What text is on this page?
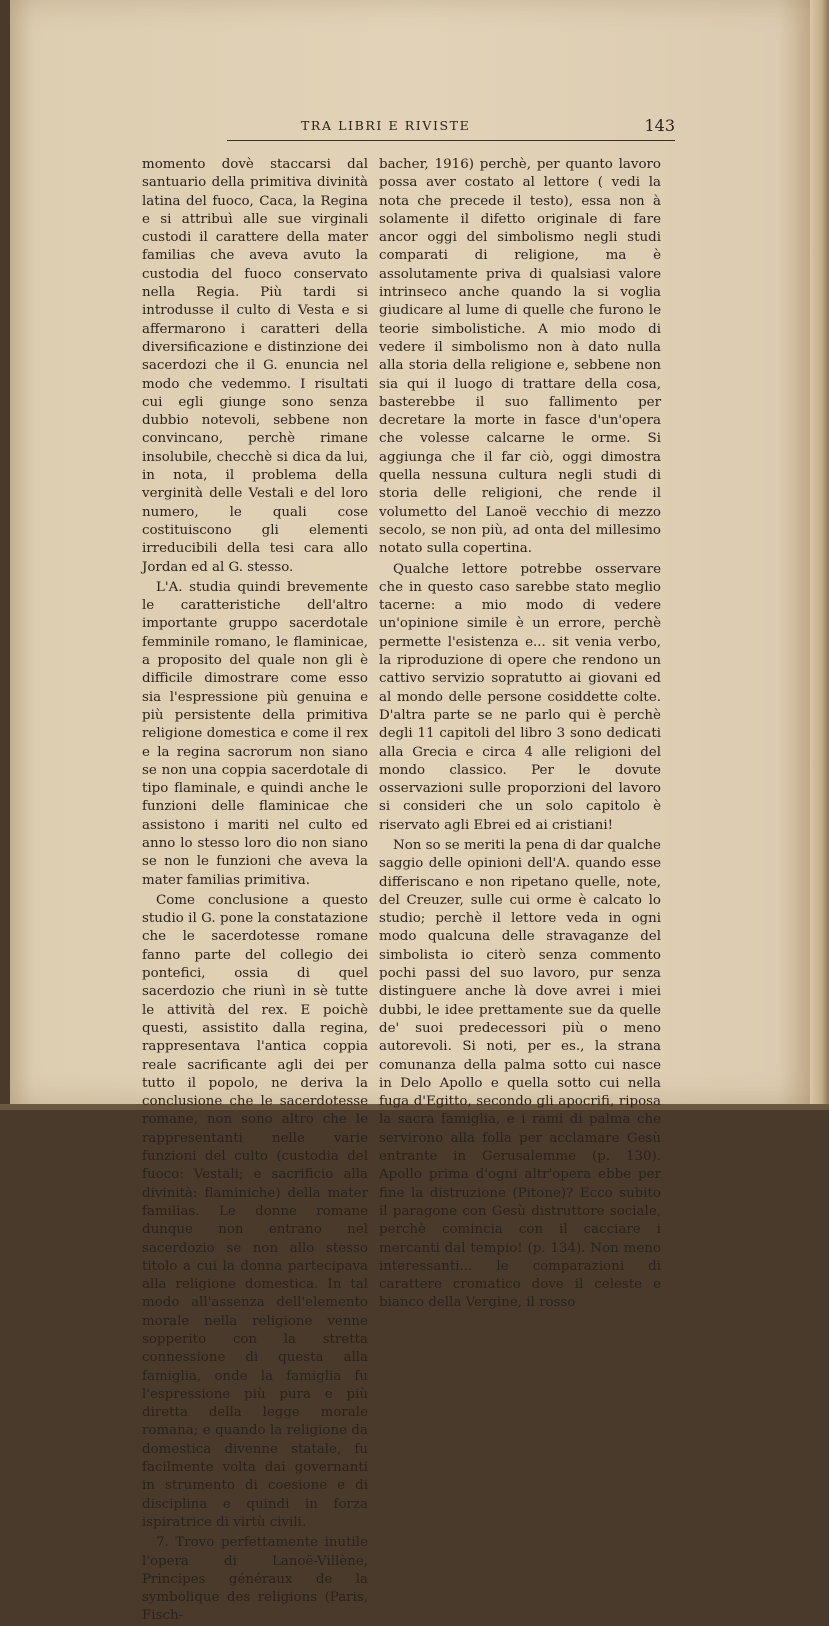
TRA LIBRI E RIVISTE	143

momento dovè staccarsi dal santuario della primitiva divinità latina del fuoco, Caca, la Regina e si attribuì alle sue virginali custodi il carattere della mater familias che aveva avuto la custodia del fuoco conservato nella Regia. Più tardi si introdusse il culto di Vesta e si affermarono i caratteri della diversificazione e distinzione dei sacerdozi che il G. enuncia nel modo che vedemmo. I risultati cui egli giunge sono senza dubbio notevoli, sebbene non convincano, perchè rimane insolubile, checchè si dica da lui, in nota, il problema della verginità delle Vestali e del loro numero, le quali cose costituiscono gli elementi irreducibili della tesi cara allo Jordan ed al G. stesso.

L'A. studia quindi brevemente le caratteristiche dell'altro importante gruppo sacerdotale femminile romano, le flaminicae, a proposito del quale non gli è difficile dimostrare come esso sia l'espressione più genuina e più persistente della primitiva religione domestica e come il rex e la regina sacrorum non siano se non una coppia sacerdotale di tipo flaminale, e quindi anche le funzioni delle flaminicae che assistono i mariti nel culto ed anno lo stesso loro dio non siano se non le funzioni che aveva la mater familias primitiva.

Come conclusione a questo studio il G. pone la constatazione che le sacerdotesse romane fanno parte del collegio dei pontefici, ossia di quel sacerdozio che riunì in sè tutte le attività del rex. E poichè questi, assistito dalla regina, rappresentava l'antica coppia reale sacrificante agli dei per tutto il popolo, ne deriva la conclusione che le sacerdotesse romane, non sono altro che le rappresentanti nelle varie funzioni del culto (custodia del fuoco: Vestali; e sacrificio alla divinità: flaminiche) della mater familias. Le donne romane dunque non entrano nel sacerdozio se non allo stesso titolo a cui la donna partecipava alla religione domestica. In tal modo all'assenza dell'elemento morale nella religione venne sopperito con la stretta connessione di questa alla famiglia, onde la famiglia fu l'espressione più pura e più diretta della legge morale romana; e quando la religione da domestica divenne statale, fu facilmente volta dai governanti in strumento di coesione e di disciplina e quindi in forza ispiratrice di virtù civili.

7. Trovo perfettamente inutile l'opera di Lanoë-Villène, Principes généraux de la symbolique des religions (Paris, Fisch-

bacher, 1916) perchè, per quanto lavoro possa aver costato al lettore ( vedi la nota che precede il testo), essa non à solamente il difetto originale di fare ancor oggi del simbolismo negli studi comparati di religione, ma è assolutamente priva di qualsiasi valore intrinseco anche quando la si voglia giudicare al lume di quelle che furono le teorie simbolistiche. A mio modo di vedere il simbolismo non à dato nulla alla storia della religione e, sebbene non sia qui il luogo di trattare della cosa, basterebbe il suo fallimento per decretare la morte in fasce d'un'opera che volesse calcarne le orme. Si aggiunga che il far ciò, oggi dimostra quella nessuna cultura negli studi di storia delle religioni, che rende il volumetto del Lanoë vecchio di mezzo secolo, se non più, ad onta del millesimo notato sulla copertina.

Qualche lettore potrebbe osservare che in questo caso sarebbe stato meglio tacerne: a mio modo di vedere un'opinione simile è un errore, perchè permette l'esistenza e... sit venia verbo, la riproduzione di opere che rendono un cattivo servizio sopratutto ai giovani ed al mondo delle persone cosiddette colte. D'altra parte se ne parlo qui è perchè degli 11 capitoli del libro 3 sono dedicati alla Grecia e circa 4 alle religioni del mondo classico. Per le dovute osservazioni sulle proporzioni del lavoro si consideri che un solo capitolo è riservato agli Ebrei ed ai cristiani!

Non so se meriti la pena di dar qualche saggio delle opinioni dell'A. quando esse differiscano e non ripetano quelle, note, del Creuzer, sulle cui orme è calcato lo studio; perchè il lettore veda in ogni modo qualcuna delle stravaganze del simbolista io citerò senza commento pochi passi del suo lavoro, pur senza distinguere anche là dove avrei i miei dubbi, le idee prettamente sue da quelle de' suoi predecessori più o meno autorevoli. Si noti, per es., la strana comunanza della palma sotto cui nasce in Delo Apollo e quella sotto cui nella fuga d'Egitto, secondo gli apocrifi, riposa la sacra famiglia, e i rami di palma che servirono alla folla per acclamare Gesù entrante in Gerusalemme (p. 130). Apollo prima d'ogni altr'opera ebbe per fine la distruzione (Pitone)? Ecco subito il paragone con Gesù distruttore sociale, perchè comincia con il cacciare i mercanti dal tempio! (p. 134). Non meno interessanti... le comparazioni di carattere cromatico dove il celeste e bianco della Vergine, il rosso
